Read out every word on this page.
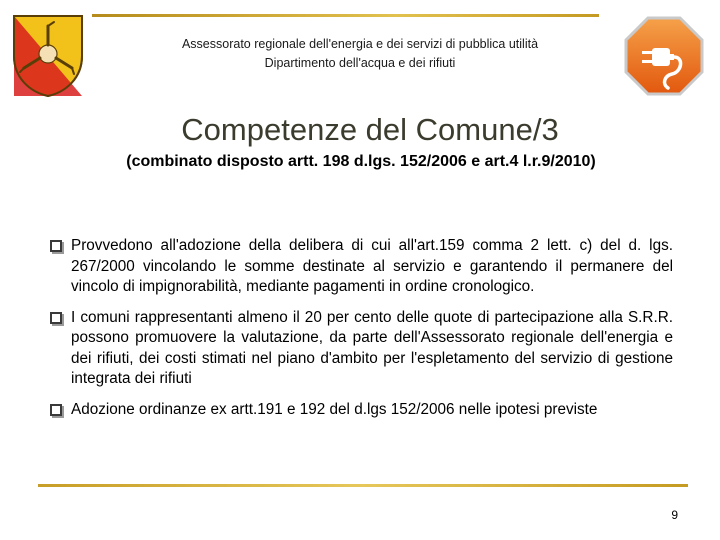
Assessorato regionale dell'energia e dei servizi di pubblica utilità
Dipartimento dell'acqua e dei rifiuti
Competenze del Comune/3
(combinato disposto artt. 198 d.lgs. 152/2006 e art.4 l.r.9/2010)
Provvedono all'adozione della delibera di cui all'art.159 comma 2 lett. c) del d. lgs. 267/2000 vincolando le somme destinate al servizio e garantendo il permanere del vincolo di impignorabilità, mediante pagamenti in ordine cronologico.
I comuni rappresentanti almeno il 20 per cento delle quote di partecipazione alla S.R.R. possono promuovere la valutazione, da parte dell'Assessorato regionale dell'energia e dei rifiuti, dei costi stimati nel piano d'ambito per l'espletamento del servizio di gestione integrata dei rifiuti
Adozione ordinanze ex artt.191 e 192 del d.lgs 152/2006 nelle ipotesi previste
9
